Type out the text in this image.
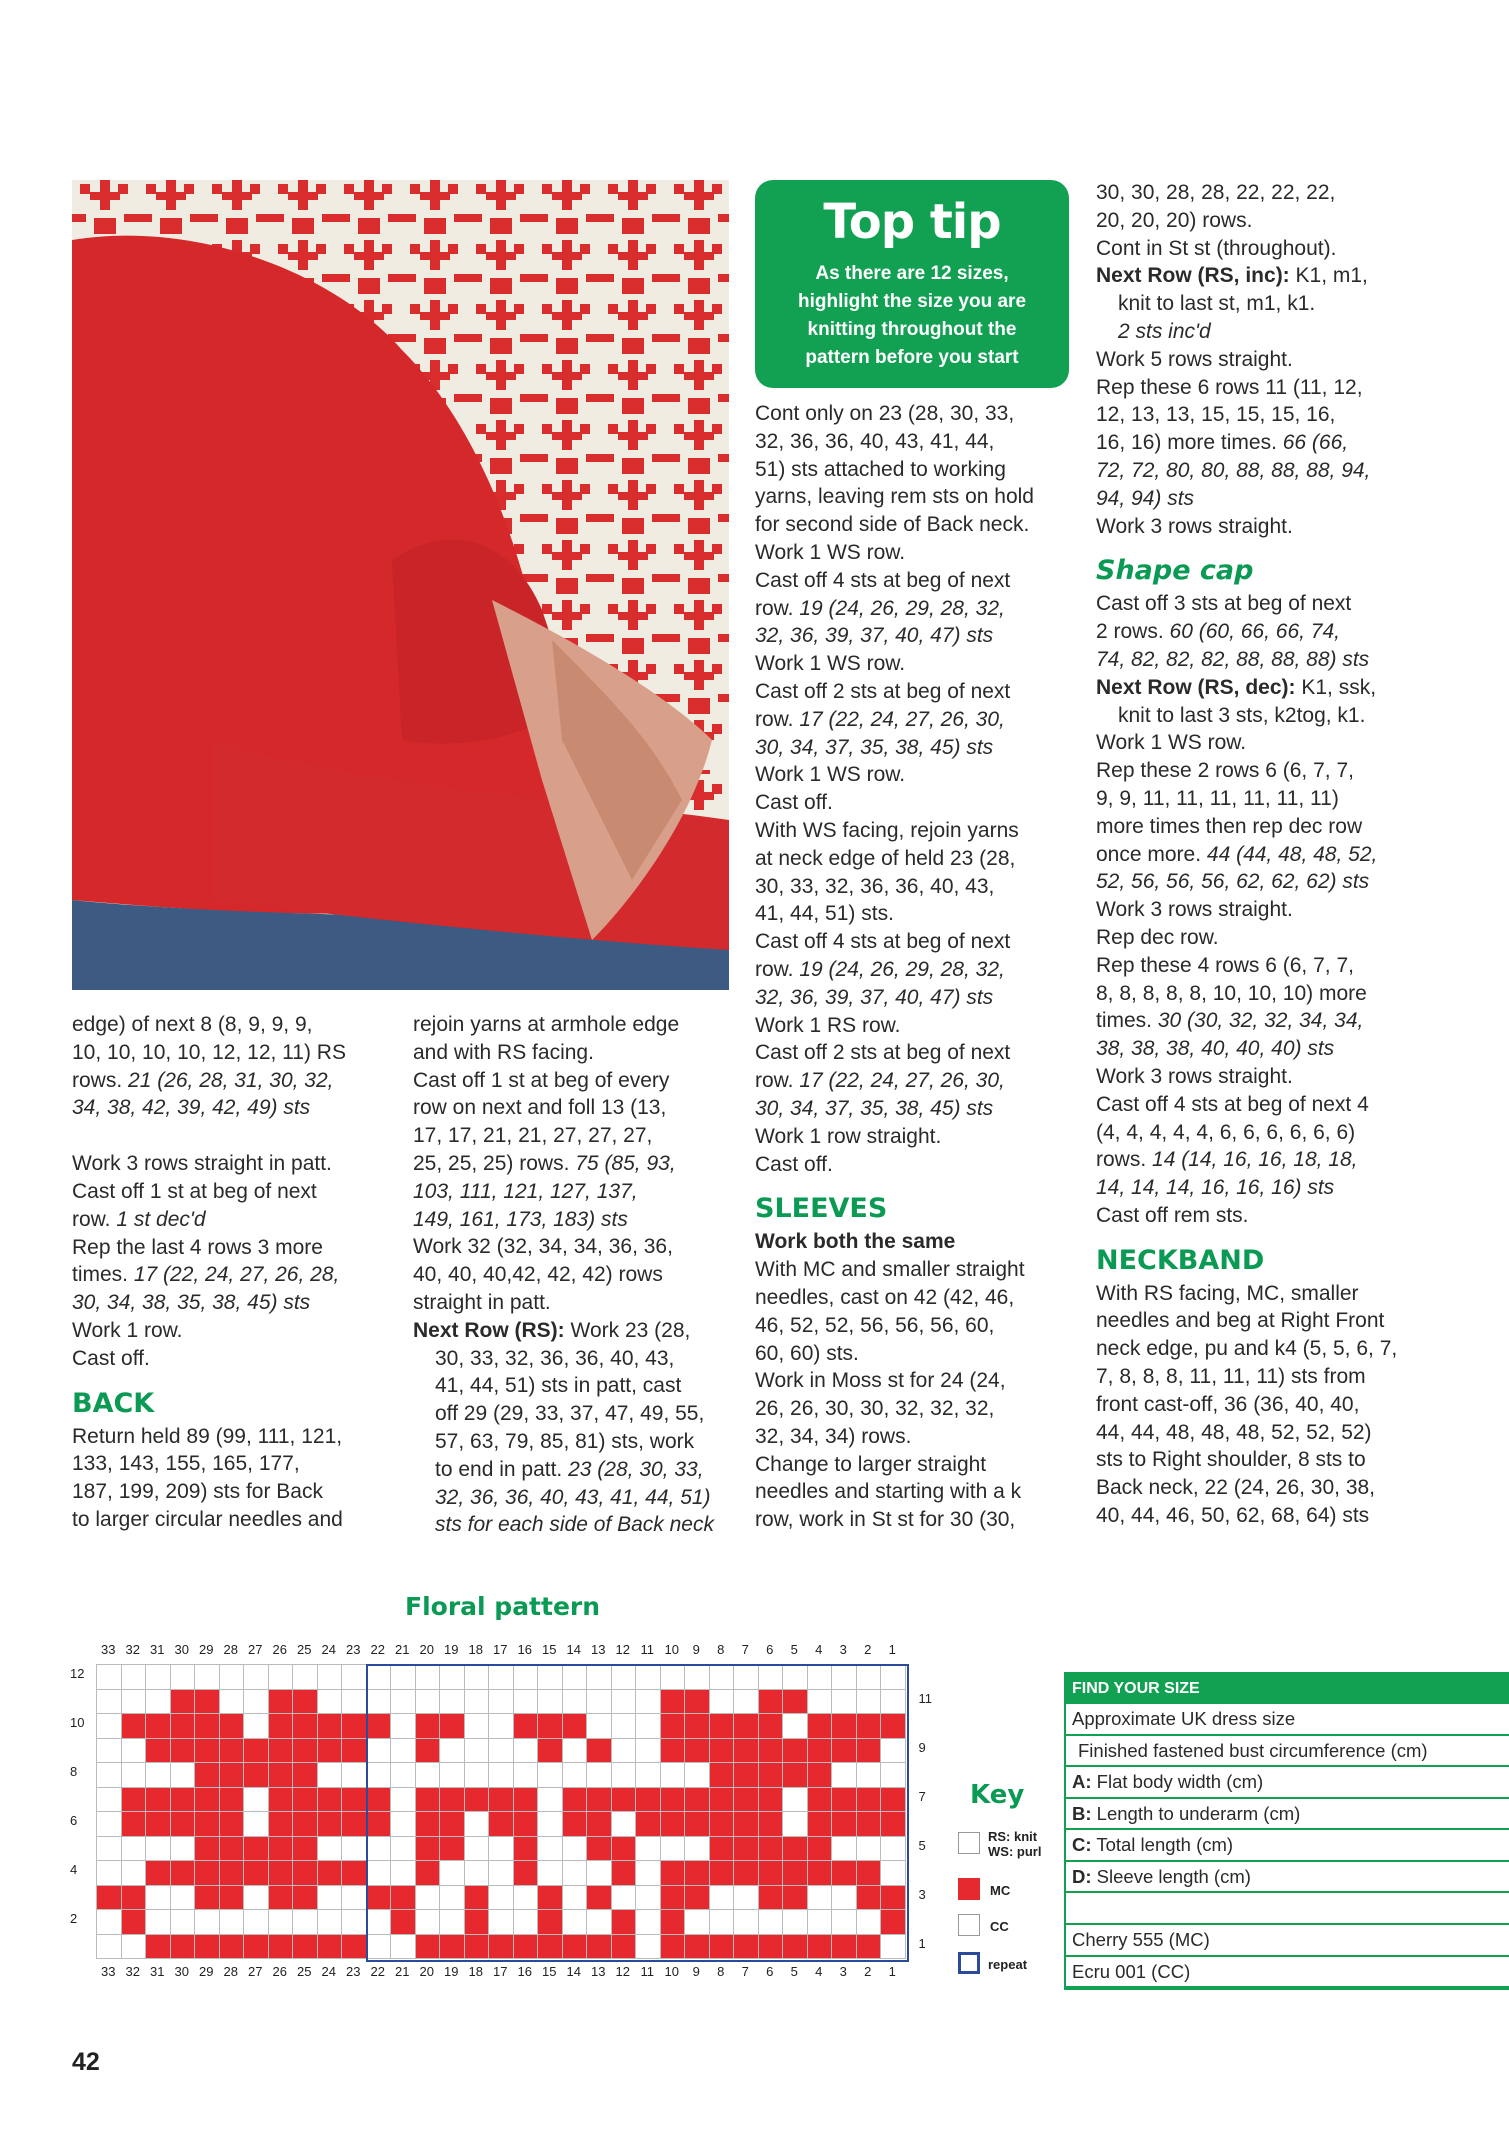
Top tip
As there are 12 sizes, highlight the size you are knitting throughout the pattern before you start

edge) of next 8 (8, 9, 9, 9,

10, 10, 10, 10, 12, 12, 11) RS

rows. 21 (26, 28, 31, 30, 32,

34, 38, 42, 39, 42, 49) sts

Work 3 rows straight in patt.

Cast off 1 st at beg of next

row. 1 st dec'd

Rep the last 4 rows 3 more

times. 17 (22, 24, 27, 26, 28,

30, 34, 38, 35, 38, 45) sts

Work 1 row.

Cast off.

BACK

Return held 89 (99, 111, 121,

133, 143, 155, 165, 177,

187, 199, 209) sts for Back

to larger circular needles and

rejoin yarns at armhole edge

and with RS facing.

Cast off 1 st at beg of every

row on next and foll 13 (13,

17, 17, 21, 21, 27, 27, 27,

25, 25, 25) rows. 75 (85, 93,

103, 111, 121, 127, 137,

149, 161, 173, 183) sts

Work 32 (32, 34, 34, 36, 36,

40, 40, 40,42, 42, 42) rows

straight in patt.

Next Row (RS): Work 23 (28,

30, 33, 32, 36, 36, 40, 43,

41, 44, 51) sts in patt, cast

off 29 (29, 33, 37, 47, 49, 55,

57, 63, 79, 85, 81) sts, work

to end in patt. 23 (28, 30, 33,

32, 36, 36, 40, 43, 41, 44, 51)

sts for each side of Back neck

Cont only on 23 (28, 30, 33,

32, 36, 36, 40, 43, 41, 44,

51) sts attached to working

yarns, leaving rem sts on hold

for second side of Back neck.

Work 1 WS row.

Cast off 4 sts at beg of next

row. 19 (24, 26, 29, 28, 32,

32, 36, 39, 37, 40, 47) sts

Work 1 WS row.

Cast off 2 sts at beg of next

row. 17 (22, 24, 27, 26, 30,

30, 34, 37, 35, 38, 45) sts

Work 1 WS row.

Cast off.

With WS facing, rejoin yarns

at neck edge of held 23 (28,

30, 33, 32, 36, 36, 40, 43,

41, 44, 51) sts.

Cast off 4 sts at beg of next

row. 19 (24, 26, 29, 28, 32,

32, 36, 39, 37, 40, 47) sts

Work 1 RS row.

Cast off 2 sts at beg of next

row. 17 (22, 24, 27, 26, 30,

30, 34, 37, 35, 38, 45) sts

Work 1 row straight.

Cast off.

SLEEVES

Work both the same

With MC and smaller straight

needles, cast on 42 (42, 46,

46, 52, 52, 56, 56, 56, 60,

60, 60) sts.

Work in Moss st for 24 (24,

26, 26, 30, 30, 32, 32, 32,

32, 34, 34) rows.

Change to larger straight

needles and starting with a k

row, work in St st for 30 (30,

30, 30, 28, 28, 22, 22, 22,

20, 20, 20) rows.

Cont in St st (throughout).

Next Row (RS, inc): K1, m1,

knit to last st, m1, k1.

2 sts inc'd

Work 5 rows straight.

Rep these 6 rows 11 (11, 12,

12, 13, 13, 15, 15, 15, 16,

16, 16) more times. 66 (66,

72, 72, 80, 80, 88, 88, 88, 94,

94, 94) sts

Work 3 rows straight.

Shape cap

Cast off 3 sts at beg of next

2 rows. 60 (60, 66, 66, 74,

74, 82, 82, 82, 88, 88, 88) sts

Next Row (RS, dec): K1, ssk,

knit to last 3 sts, k2tog, k1.

Work 1 WS row.

Rep these 2 rows 6 (6, 7, 7,

9, 9, 11, 11, 11, 11, 11, 11)

more times then rep dec row

once more. 44 (44, 48, 48, 52,

52, 56, 56, 56, 62, 62, 62) sts

Work 3 rows straight.

Rep dec row.

Rep these 4 rows 6 (6, 7, 7,

8, 8, 8, 8, 8, 10, 10, 10) more

times. 30 (30, 32, 32, 34, 34,

38, 38, 38, 40, 40, 40) sts

Work 3 rows straight.

Cast off 4 sts at beg of next 4

(4, 4, 4, 4, 4, 6, 6, 6, 6, 6, 6)

rows. 14 (14, 16, 16, 18, 18,

14, 14, 14, 16, 16, 16) sts

Cast off rem sts.

NECKBAND

With RS facing, MC, smaller

needles and beg at Right Front

neck edge, pu and k4 (5, 5, 6, 7,

7, 8, 8, 8, 11, 11, 11) sts from

front cast-off, 36 (36, 40, 40,

44, 44, 48, 48, 48, 52, 52, 52)

sts to Right shoulder, 8 sts to

Back neck, 22 (24, 26, 30, 38,

40, 44, 46, 50, 62, 68, 64) sts

Floral pattern
33
33
32
32
31
31
30
30
29
29
28
28
27
27
26
26
25
25
24
24
23
23
22
22
21
21
20
20
19
19
18
18
17
17
16
16
15
15
14
14
13
13
12
12
11
11
10
10
9
9
8
8
7
7
6
6
5
5
4
4
3
3
2
2
1
1
12
10
8
6
4
2
11
9
7
5
3
1
Key
RS: knit
WS: purl
MC
CC
repeat
FIND YOUR SIZE
Approximate UK dress size
Finished fastened bust circumference (cm)
A: Flat body width (cm)
B: Length to underarm (cm)
C: Total length (cm)
D: Sleeve length (cm)
Cherry 555 (MC)
Ecru 001 (CC)
42
